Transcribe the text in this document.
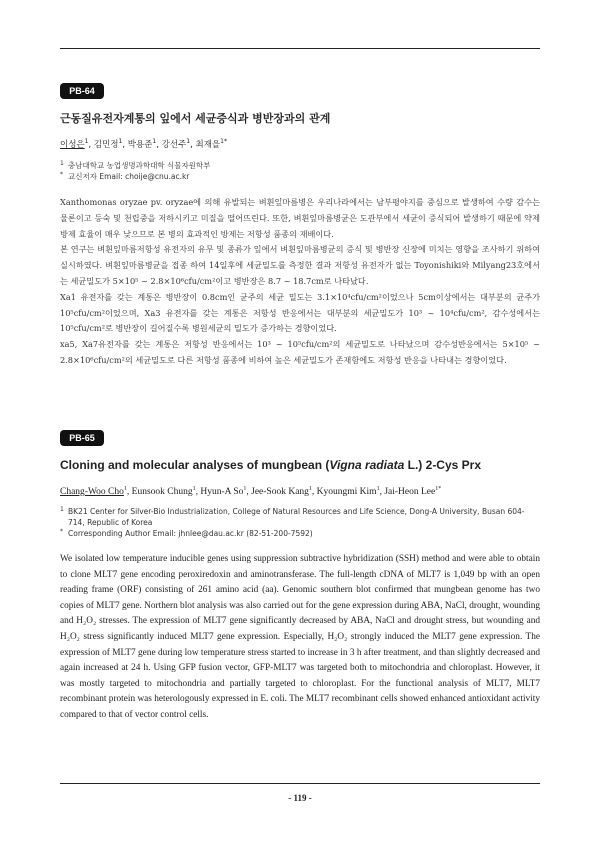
PB-64
근동질유전자계통의 잎에서 세균증식과 병반장과의 관계
이성은$^1$, 김민정$^1$, 박용준$^1$, 강선주$^1$, 최재을$^{1*}$
1 충남대학교 농업생명과학대학 식물자원학부
* 교신저자 Email: choije@cnu.ac.kr

Xanthomonas oryzae pv. oryzae에 의해 유발되는 벼흰잎마름병은 우리나라에서는 남부평야지를 중심으로 발생하여 수량 감수는 물론이고 등숙 및 천립중을 저하시키고 미질을 떨어뜨린다. 또한, 벼흰잎마름병균은 도관부에서 세균이 증식되어 발생하기 때문에 약제방제 효율이 매우 낮으므로 본 병의 효과적인 방제는 저항성 품종의 재배이다.

본 연구는 벼흰잎마름저항성 유전자의 유무 및 종류가 잎에서 벼흰잎마름병균의 증식 및 병반장 신장에 미치는 영향을 조사하기 위하여 실시하였다. 벼흰잎마름병균을 접종 하여 14일후에 세균밀도를 측정한 결과 저항성 유전자가 없는 Toyonishiki와 Milyang23호에서는 세균밀도가 5×10⁵ ~ 2.8×10⁶cfu/cm²이고 병반장은 8.7 ~ 18.7cm로 나타났다.

Xa1 유전자를 갖는 계통은 병반장이 0.8cm인 균주의 세균 밀도는 3.1×10⁴cfu/cm²이었으나 5cm이상에서는 대부분의 균주가 10⁵cfu/cm²이었으며, Xa3 유전자를 갖는 계통은 저항성 반응에서는 대부분의 세균밀도가 10³ ~ 10⁴cfu/cm², 감수성에서는 10⁵cfu/cm²로 병반장이 길어질수록 병원세균의 밀도가 증가하는 경향이었다.

xa5, Xa7유전자를 갖는 계통은 저항성 반응에서는 10³ ~ 10⁵cfu/cm²의 세균밀도로 나타났으며 감수성반응에서는 5×10⁵ ~ 2.8×10⁶cfu/cm²의 세균밀도로 다른 저항성 품종에 비하여 높은 세균밀도가 존재함에도 저항성 반응을 나타내는 경향이었다.

PB-65
Cloning and molecular analyses of mungbean (Vigna radiata L.) 2-Cys Prx
Chang-Woo Cho$^1$, Eunsook Chung$^1$, Hyun-A So$^1$, Jee-Sook Kang$^1$, Kyoungmi Kim$^1$, Jai-Heon Lee$^{1*}$
1 BK21 Center for Silver-Bio Industrialization, College of Natural Resources and Life Science, Dong-A University, Busan 604-714, Republic of Korea
* Corresponding Author Email: jhnlee@dau.ac.kr (82-51-200-7592)

We isolated low temperature inducible genes using suppression subtractive hybridization (SSH) method and were able to obtain to clone MLT7 gene encoding peroxiredoxin and aminotransferase. The full-length cDNA of MLT7 is 1,049 bp with an open reading frame (ORF) consisting of 261 amino acid (aa). Genomic southern blot confirmed that mungbean genome has two copies of MLT7 gene. Northern blot analysis was also carried out for the gene expression during ABA, NaCl, drought, wounding and H₂O₂ stresses. The expression of MLT7 gene significantly decreased by ABA, NaCl and drought stress, but wounding and H₂O₂ stress significantly induced MLT7 gene expression. Especially, H₂O₂ strongly induced the MLT7 gene expression. The expression of MLT7 gene during low temperature stress started to increase in 3 h after treatment, and than slightly decreased and again increased at 24 h. Using GFP fusion vector, GFP-MLT7 was targeted both to mitochondria and chloroplast. However, it was mostly targeted to mitochondria and partially targeted to chloroplast. For the functional analysis of MLT7, MLT7 recombinant protein was heterologously expressed in E. coli. The MLT7 recombinant cells showed enhanced antioxidant activity compared to that of vector control cells.

- 119 -
